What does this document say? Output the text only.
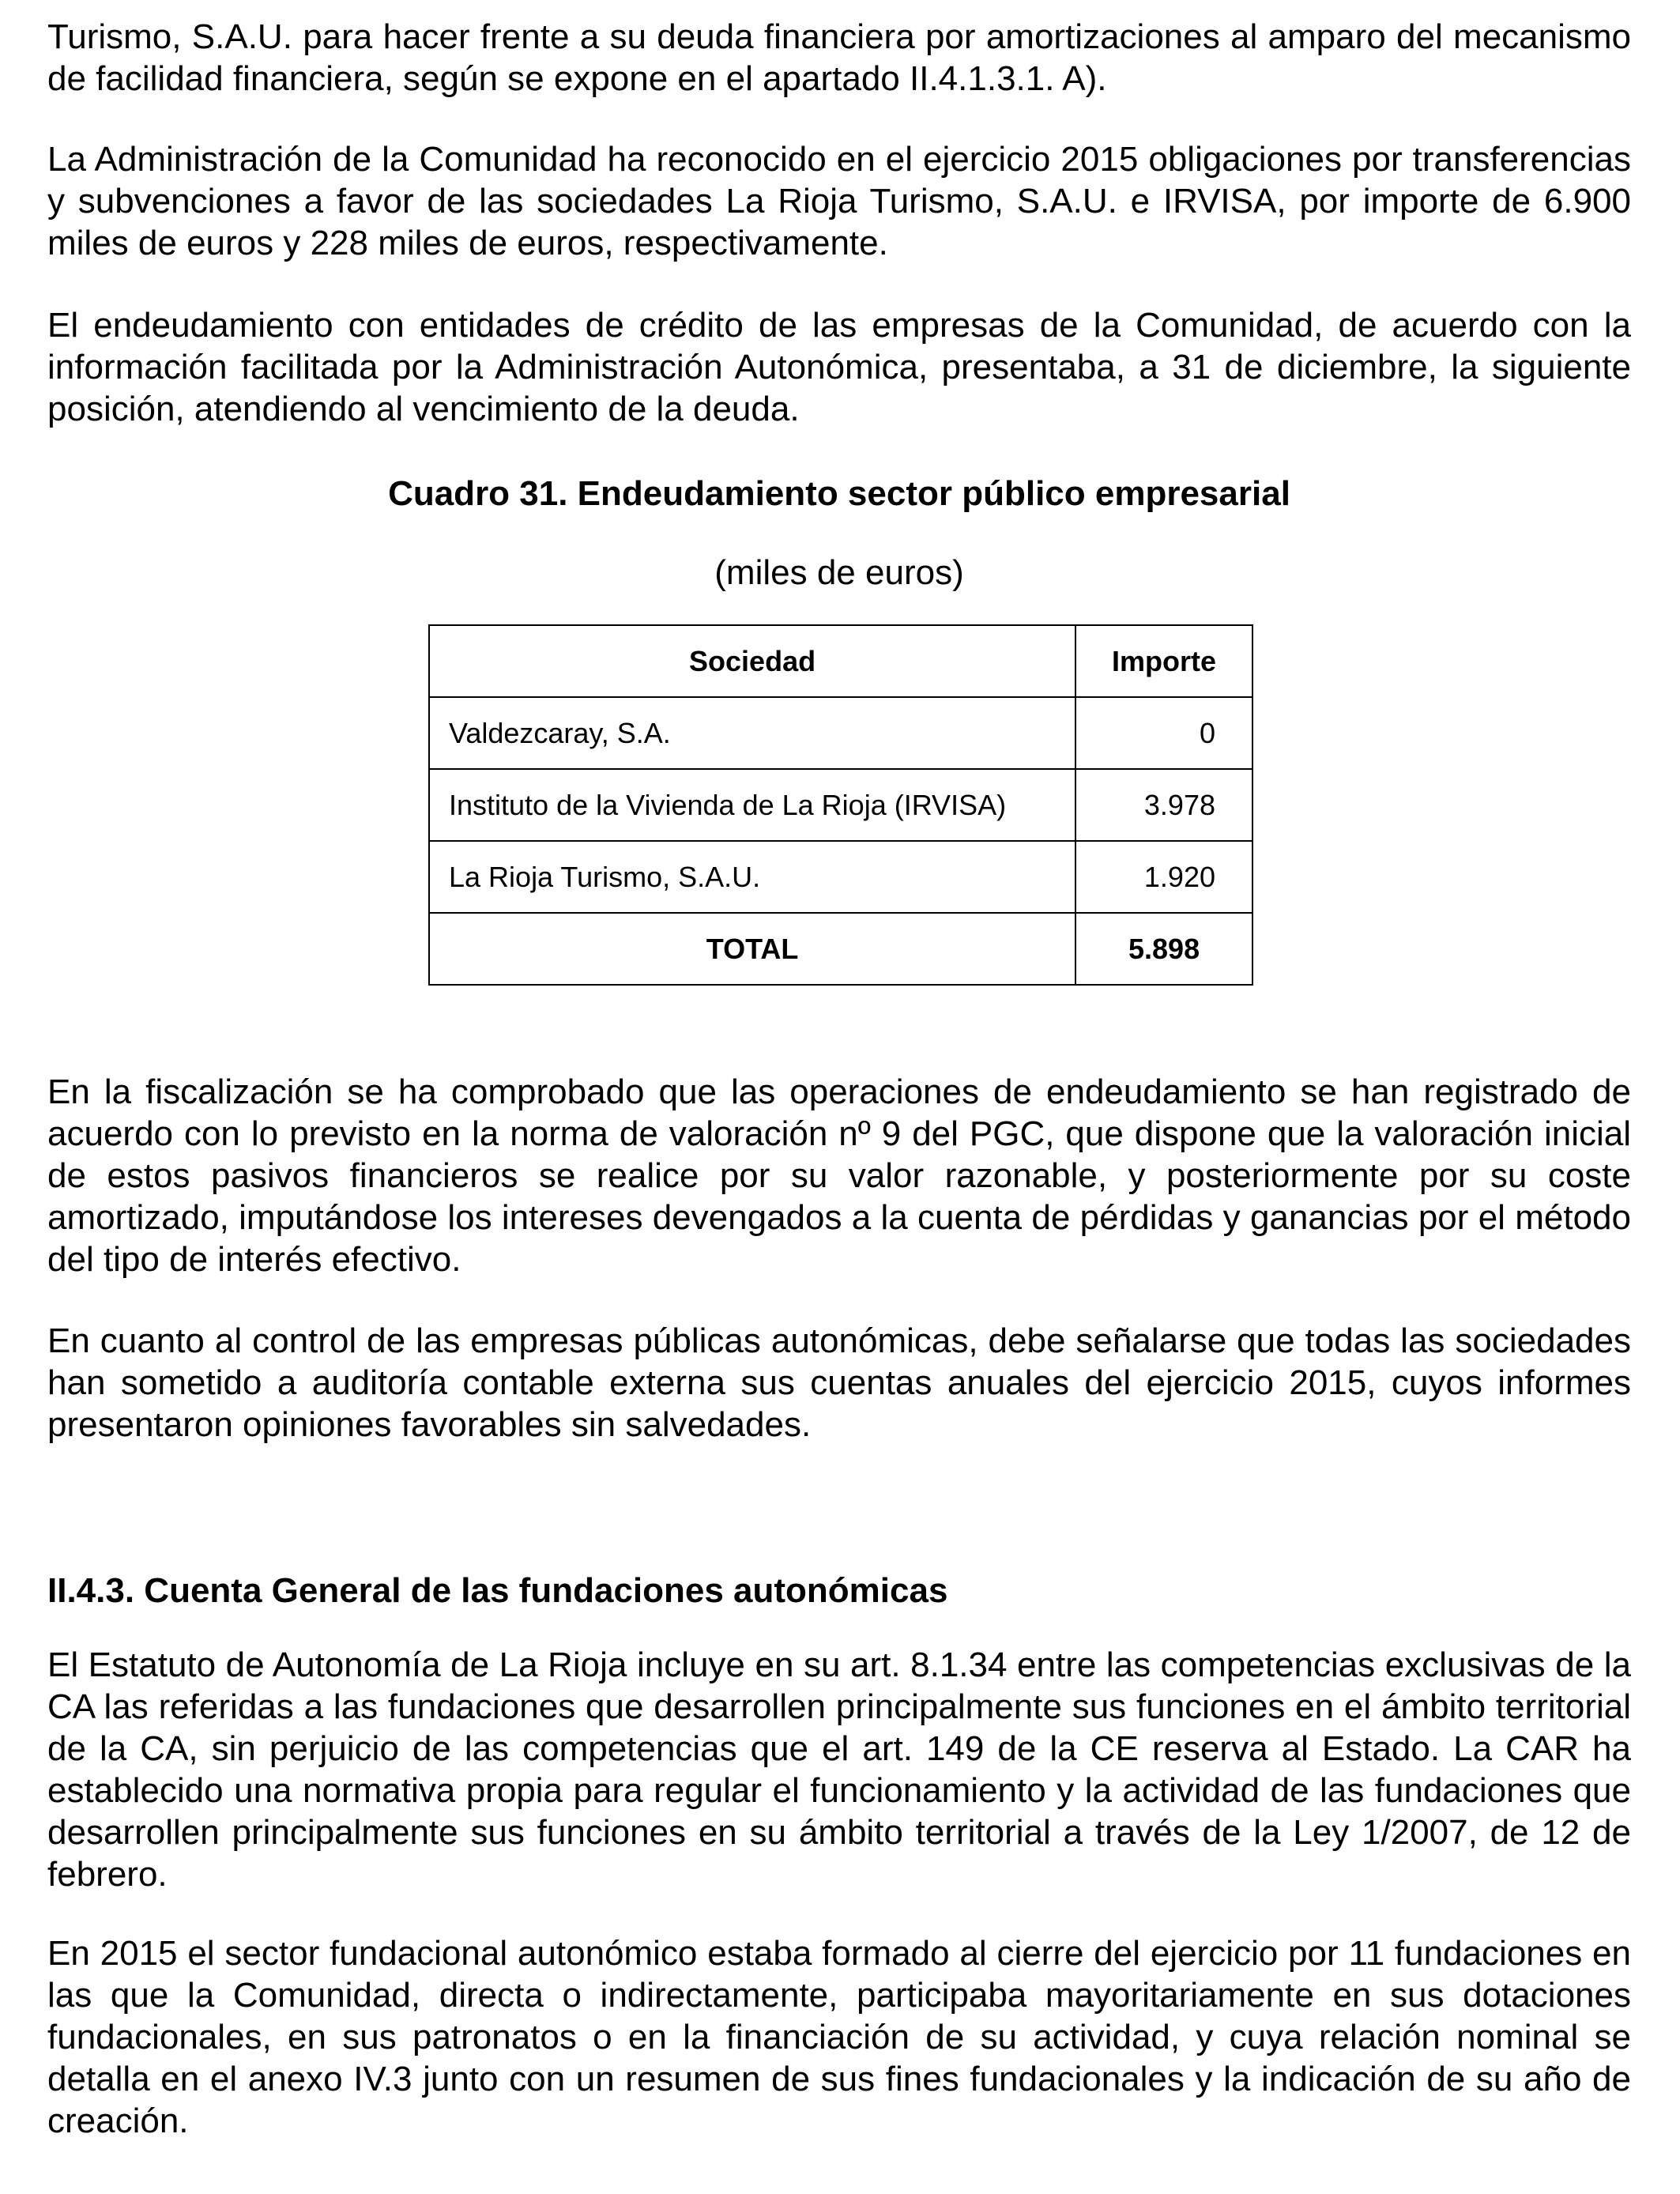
Turismo, S.A.U. para hacer frente a su deuda financiera por amortizaciones al amparo del mecanismo de facilidad financiera, según se expone en el apartado II.4.1.3.1. A).

La Administración de la Comunidad ha reconocido en el ejercicio 2015 obligaciones por transferencias y subvenciones a favor de las sociedades La Rioja Turismo, S.A.U. e IRVISA, por importe de 6.900 miles de euros y 228 miles de euros, respectivamente.

El endeudamiento con entidades de crédito de las empresas de la Comunidad, de acuerdo con la información facilitada por la Administración Autonómica, presentaba, a 31 de diciembre, la siguiente posición, atendiendo al vencimiento de la deuda.

Cuadro 31. Endeudamiento sector público empresarial

(miles de euros)

Sociedad	Importe
Valdezcaray, S.A.	0
Instituto de la Vivienda de La Rioja (IRVISA)	3.978
La Rioja Turismo, S.A.U.	1.920
TOTAL	5.898

En la fiscalización se ha comprobado que las operaciones de endeudamiento se han registrado de acuerdo con lo previsto en la norma de valoración nº 9 del PGC, que dispone que la valoración inicial de estos pasivos financieros se realice por su valor razonable, y posteriormente por su coste amortizado, imputándose los intereses devengados a la cuenta de pérdidas y ganancias por el método del tipo de interés efectivo.

En cuanto al control de las empresas públicas autonómicas, debe señalarse que todas las sociedades han sometido a auditoría contable externa sus cuentas anuales del ejercicio 2015, cuyos informes presentaron opiniones favorables sin salvedades.

II.4.3. Cuenta General de las fundaciones autonómicas

El Estatuto de Autonomía de La Rioja incluye en su art. 8.1.34 entre las competencias exclusivas de la CA las referidas a las fundaciones que desarrollen principalmente sus funciones en el ámbito territorial de la CA, sin perjuicio de las competencias que el art. 149 de la CE reserva al Estado. La CAR ha establecido una normativa propia para regular el funcionamiento y la actividad de las fundaciones que desarrollen principalmente sus funciones en su ámbito territorial a través de la Ley 1/2007, de 12 de febrero.

En 2015 el sector fundacional autonómico estaba formado al cierre del ejercicio por 11 fundaciones en las que la Comunidad, directa o indirectamente, participaba mayoritariamente en sus dotaciones fundacionales, en sus patronatos o en la financiación de su actividad, y cuya relación nominal se detalla en el anexo IV.3 junto con un resumen de sus fines fundacionales y la indicación de su año de creación.
